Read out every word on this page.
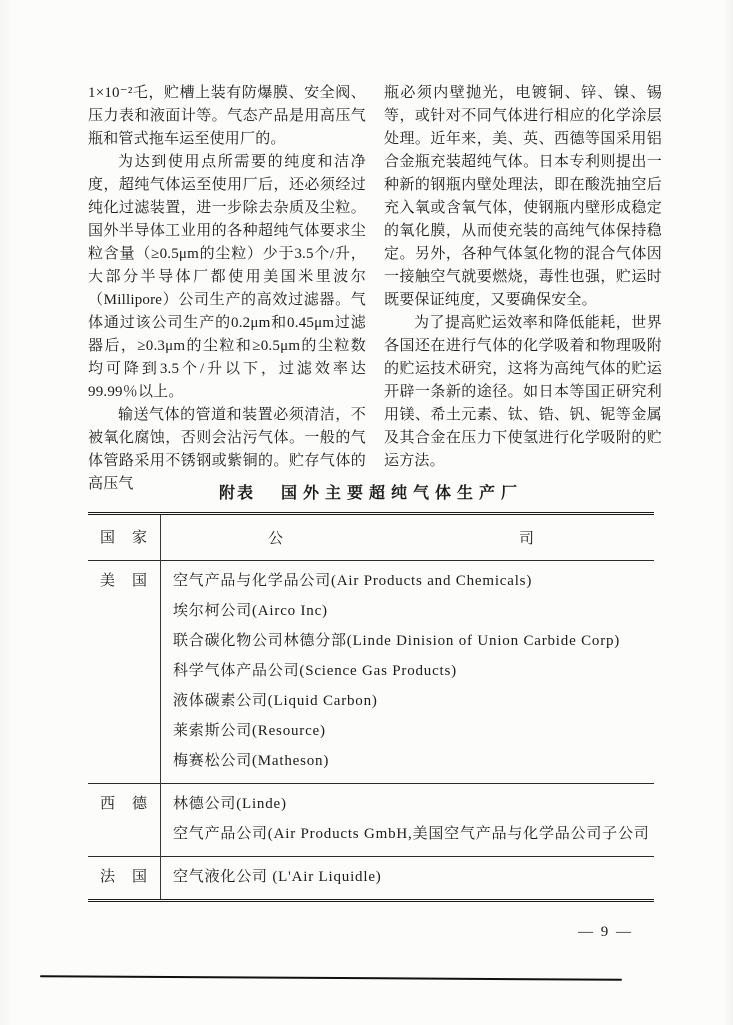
1×10⁻²乇，贮槽上装有防爆膜、安全阀、压力表和液面计等。气态产品是用高压气瓶和管式拖车运至使用厂的。

为达到使用点所需要的纯度和洁净度，超纯气体运至使用厂后，还必须经过纯化过滤装置，进一步除去杂质及尘粒。国外半导体工业用的各种超纯气体要求尘粒含量（≥0.5μm的尘粒）少于3.5个/升，大部分半导体厂都使用美国米里波尔（Millipore）公司生产的高效过滤器。气体通过该公司生产的0.2μm和0.45μm过滤器后，≥0.3μm的尘粒和≥0.5μm的尘粒数均可降到3.5个/升以下，过滤效率达99.99％以上。

输送气体的管道和装置必须清洁，不被氧化腐蚀，否则会沾污气体。一般的气体管路采用不锈钢或紫铜的。贮存气体的高压气

瓶必须内壁抛光，电镀铜、锌、镍、锡等，或针对不同气体进行相应的化学涂层处理。近年来，美、英、西德等国采用铝合金瓶充装超纯气体。日本专利则提出一种新的钢瓶内壁处理法，即在酸洗抽空后充入氧或含氧气体，使钢瓶内壁形成稳定的氧化膜，从而使充装的高纯气体保持稳定。另外，各种气体氢化物的混合气体因一接触空气就要燃烧，毒性也强，贮运时既要保证纯度，又要确保安全。

为了提高贮运效率和降低能耗，世界各国还在进行气体的化学吸着和物理吸附的贮运技术研究，这将为高纯气体的贮运开辟一条新的途径。如日本等国正研究利用镁、希土元素、钛、锆、钒、铌等金属及其合金在压力下使氢进行化学吸附的贮运方法。

附表 国外主要超纯气体生产厂
国　家	公	司
美　国	空气产品与化学品公司(Air Products and Chemicals)
埃尔柯公司(Airco Inc)
联合碳化物公司林德分部(Linde Dinision of Union Carbide Corp)
科学气体产品公司(Science Gas Products)
液体碳素公司(Liquid Carbon)
莱索斯公司(Resource)
梅赛松公司(Matheson)
西　德	林德公司(Linde)
空气产品公司(Air Products GmbH,美国空气产品与化学品公司子公司
法　国	空气液化公司 (L'Air Liquidle)
— 9 —
